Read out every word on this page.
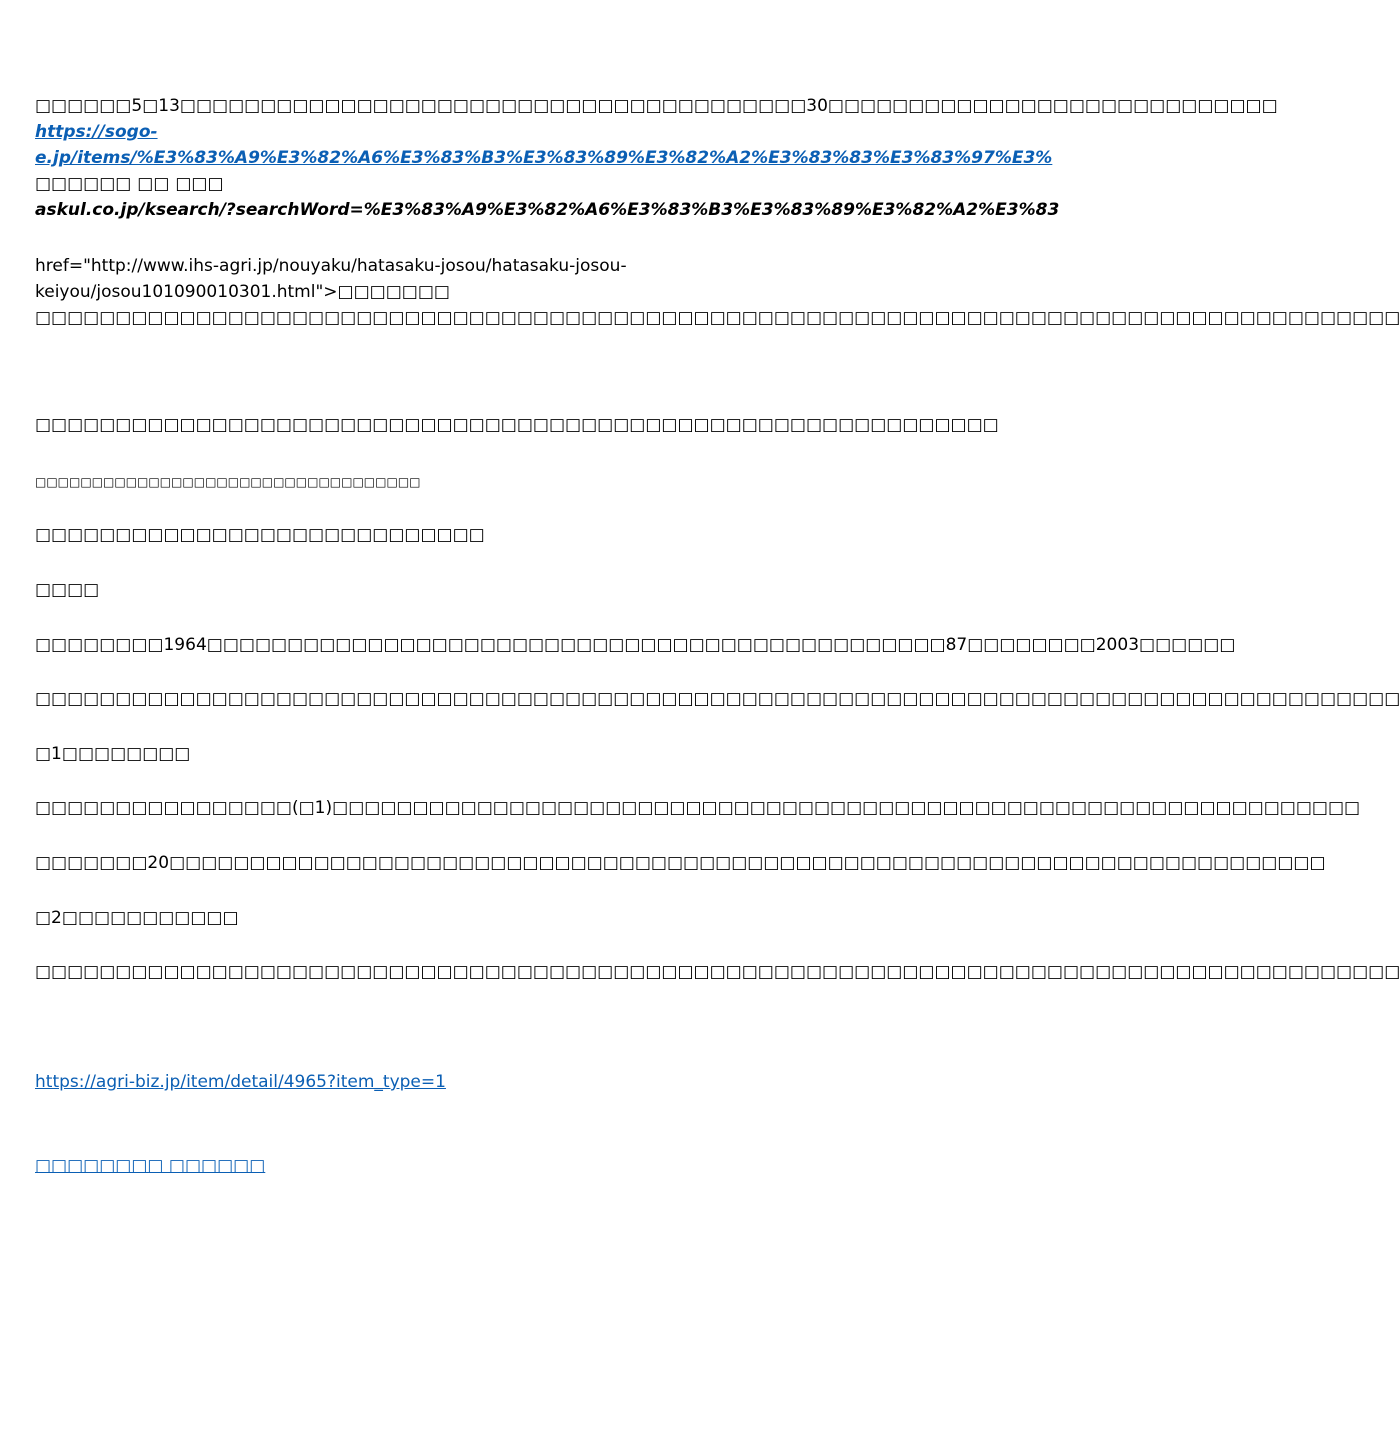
□□□□□□5□13□□□□□□□□□□□□□□□□□□□□□□□□□□□□□□□□□□□□□□□30□□□□□□□□□□□□□□□□□□□□□□□□□□□□
https://sogo-
e.jp/items/%E3%83%A9%E3%82%A6%E3%83%B3%E3%83%89%E3%82%A2%E3%83%83%E3%83%97%E3%
□□□□□□ □□ □□□
askul.co.jp/ksearch/?searchWord=%E3%83%A9%E3%82%A6%E3%83%B3%E3%83%89%E3%82%A2%E3%83
href="http://www.ihs-agri.jp/nouyaku/hatasaku-josou/hatasaku-josou-
keiyou/josou101090010301.html">□□□□□□□
□□□□□□□□□□□□□□□□□□□□□□□□□□□□□□□□□□□□□□□□□□□□□□□□□□□□□□□□□□□□□□□□□□□□□□□□□□□□□□□□□□□□□
□□□□□□□□□□□□□□□□□□□□□□□□□□□□□□□□□□□□□□□□□□□□□□□□□□□□□□□□□□□□
□□□□□□□□□□□□□□□□□□□□□□□□□□□□□□□□□□
□□□□□□□□□□□□□□□□□□□□□□□□□□□□
□□□□
□□□□□□□□1964□□□□□□□□□□□□□□□□□□□□□□□□□□□□□□□□□□□□□□□□□□□□□□87□□□□□□□□2003□□□□□□
□□□□□□□□□□□□□□□□□□□□□□□□□□□□□□□□□□□□□□□□□□□□□□□□□□□□□□□□□□□□□□□□□□□□□□□□□□□□□□□□□□□□□
□1□□□□□□□□
□□□□□□□□□□□□□□□□(□1)□□□□□□□□□□□□□□□□□□□□□□□□□□□□□□□□□□□□□□□□□□□□□□□□□□□□□□□□□□□□□□□□
□□□□□□□20□□□□□□□□□□□□□□□□□□□□□□□□□□□□□□□□□□□□□□□□□□□□□□□□□□□□□□□□□□□□□□□□□□□□□□□□
□2□□□□□□□□□□□
□□□□□□□□□□□□□□□□□□□□□□□□□□□□□□□□□□□□□□□□□□□□□□□□□□□□□□□□□□□□□□□□□□□□□□□□□□□□□□□□□□□□□
https://agri-biz.jp/item/detail/4965?item_type=1
□□□□□□□□ □□□□□□
